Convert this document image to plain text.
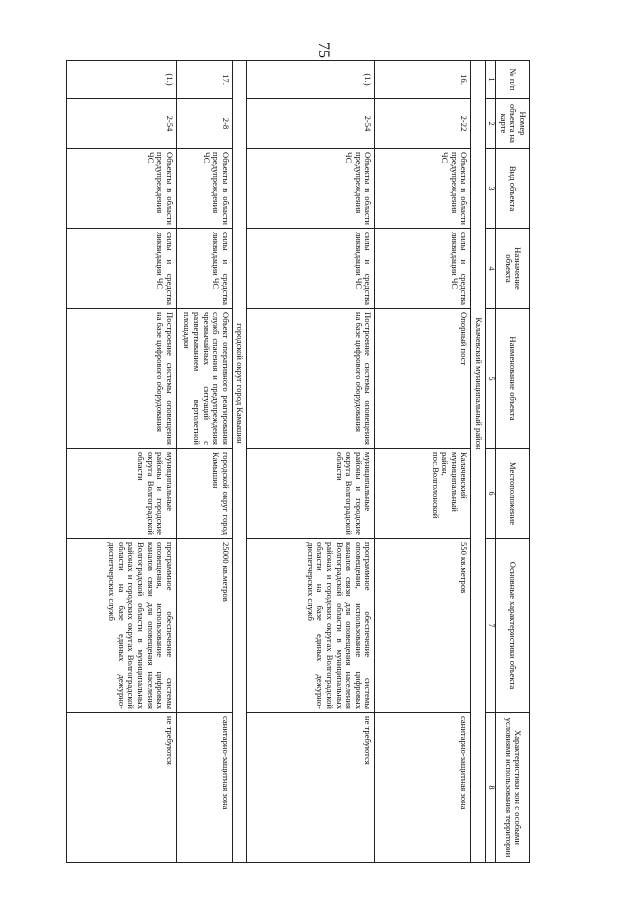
75
№ п/п	Номер объекта на карте	Вид объекта	Назначение объекта	Наименование объекта	Местоположение	Основные характеристики объекта	Характеристики зон с особыми условиями использования территории
1	2	3	4	5	6	7	8
			Калачевский муниципальный район				
16.	2-22	Объекты в области предупреждения ЧС	силы и средства ликвидации ЧС	Опорный пост	Калачевский муниципальный район, пос.Волголонской	550 кв.метров	санитарно-защитная зона
(1.)	2-54	Объекты в области предупреждения ЧС	силы и средства ликвидации ЧС	Построение системы оповещения на базе цифрового оборудования	муниципальные районы и городские округа Волгоградской области	программное обеспечение системы оповещения, использование цифровых каналов связи для оповещения населения Волгоградской области в муниципальных районах и городских округах Волгоградской области на базе единых дежурно-диспетчерских служб	не требуются
			городской округ город Камышин				
17.	2-8	Объекты в области предупреждения ЧС	силы и средства ликвидации ЧС	Объект оперативного реагирования служб спасения и предупреждения чрезвычайных ситуаций с развертыванием вертолетной площадки	городской округ город Камышин	25000 кв.метров	санитарно-защитная зона
(1.)	2-54	Объекты в области предупреждения ЧС	силы и средства ликвидации ЧС	Построение системы оповещения на базе цифрового оборудования	муниципальные районы и городские округа Волгоградской области	программное обеспечение системы оповещения, использование цифровых каналов связи для оповещения населения Волгоградской области в муниципальных районах и городских округах Волгоградской области на базе единых дежурно-диспетчерских служб	не требуются
